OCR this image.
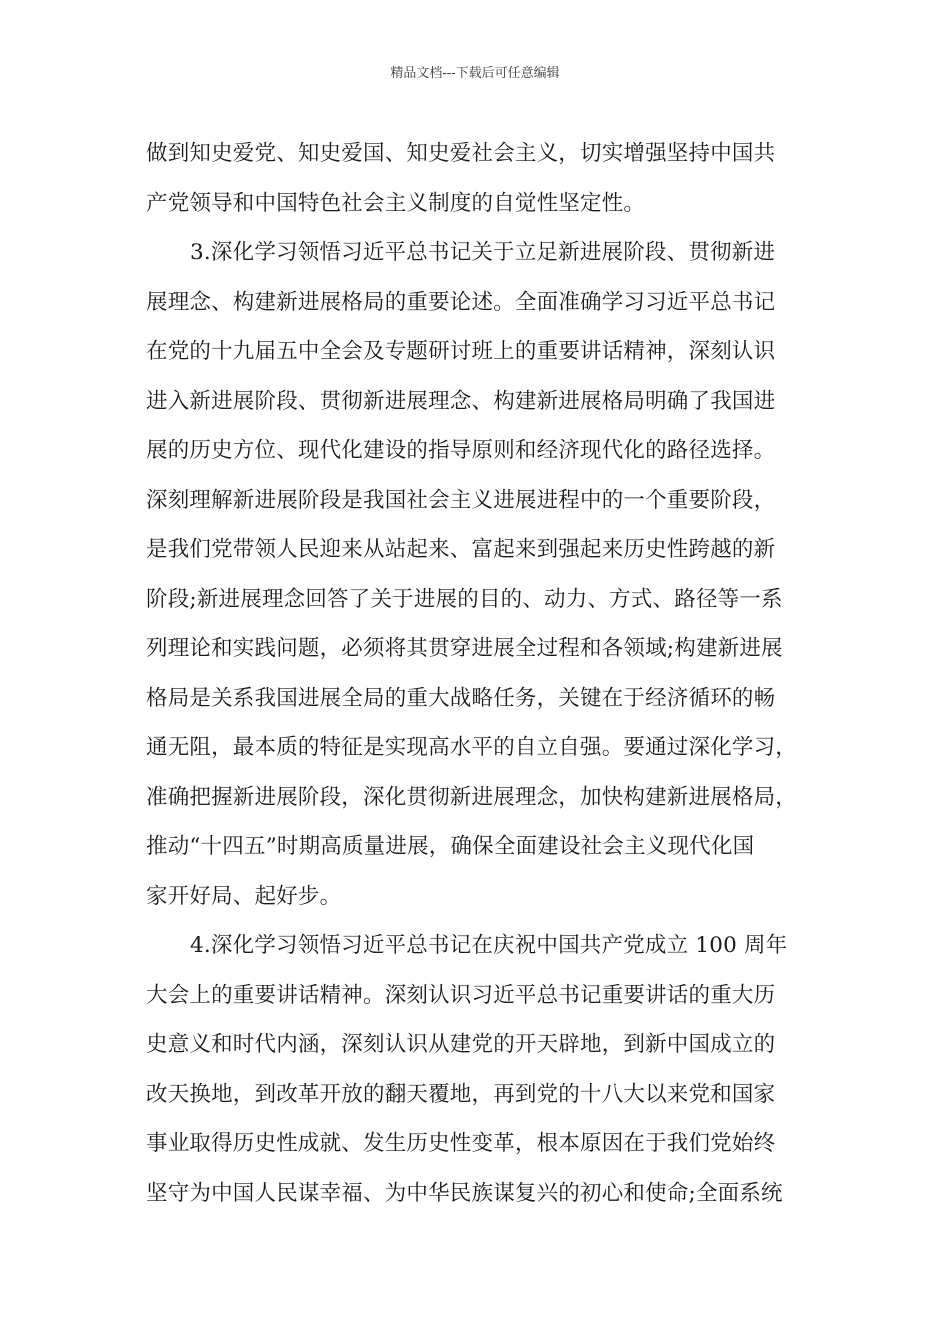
精品文档---下载后可任意编辑
做到知史爱党、知史爱国、知史爱社会主义，切实增强坚持中国共
产党领导和中国特色社会主义制度的自觉性坚定性。
3.深化学习领悟习近平总书记关于立足新进展阶段、贯彻新进
展理念、构建新进展格局的重要论述。全面准确学习习近平总书记
在党的十九届五中全会及专题研讨班上的重要讲话精神，深刻认识
进入新进展阶段、贯彻新进展理念、构建新进展格局明确了我国进
展的历史方位、现代化建设的指导原则和经济现代化的路径选择。
深刻理解新进展阶段是我国社会主义进展进程中的一个重要阶段，
是我们党带领人民迎来从站起来、富起来到强起来历史性跨越的新
阶段;新进展理念回答了关于进展的目的、动力、方式、路径等一系
列理论和实践问题，必须将其贯穿进展全过程和各领域;构建新进展
格局是关系我国进展全局的重大战略任务，关键在于经济循环的畅
通无阻，最本质的特征是实现高水平的自立自强。要通过深化学习，
准确把握新进展阶段，深化贯彻新进展理念，加快构建新进展格局，
推动“十四五”时期高质量进展，确保全面建设社会主义现代化国
家开好局、起好步。
4.深化学习领悟习近平总书记在庆祝中国共产党成立 100 周年
大会上的重要讲话精神。深刻认识习近平总书记重要讲话的重大历
史意义和时代内涵，深刻认识从建党的开天辟地，到新中国成立的
改天换地，到改革开放的翻天覆地，再到党的十八大以来党和国家
事业取得历史性成就、发生历史性变革，根本原因在于我们党始终
坚守为中国人民谋幸福、为中华民族谋复兴的初心和使命;全面系统
